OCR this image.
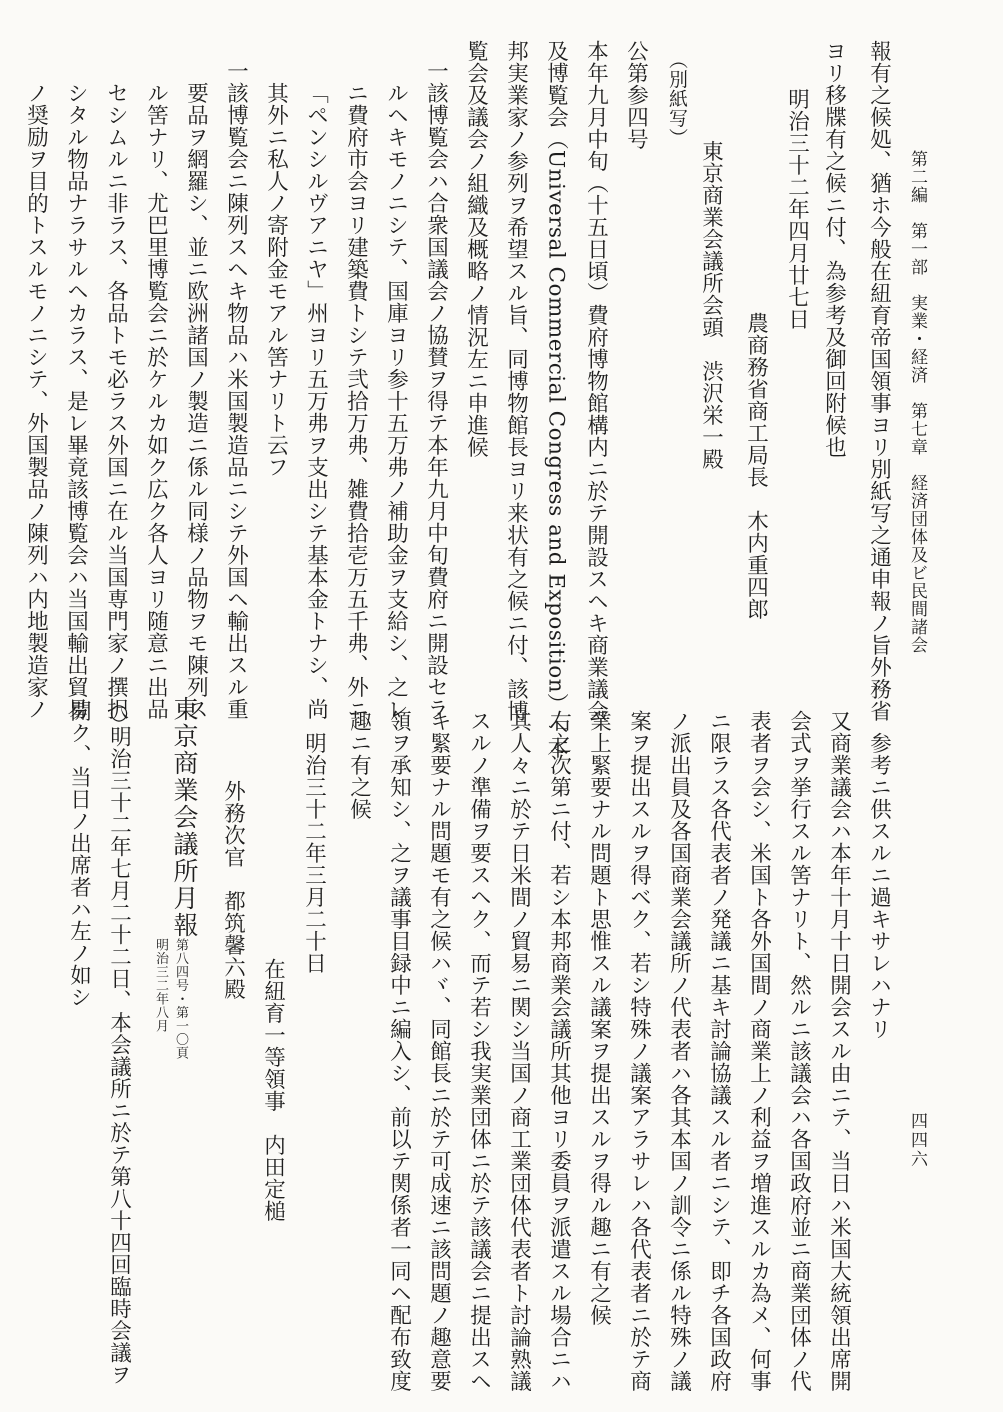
第二編　第一部　実業・経済　第七章　経済団体及ビ民間諸会
四四六
報有之候処、猶ホ今般在紐育帝国領事ヨリ別紙写之通申報ノ旨外務省
ヨリ移牒有之候ニ付、為参考及御回附候也
明治三十二年四月廿七日
農商務省商工局長　木内重四郎
東京商業会議所会頭　渋沢栄一殿
（別紙写）
公第参四号
本年九月中旬（十五日頃）費府博物館構内ニ於テ開設スヘキ商業議会
及博覧会（Universal Commercial Congress and Exposition）ヘ本
邦実業家ノ参列ヲ希望スル旨、同博物館長ヨリ来状有之候ニ付、該博
覧会及議会ノ組織及概略ノ情況左ニ申進候
一該博覧会ハ合衆国議会ノ協賛ヲ得テ本年九月中旬費府ニ開設セラ
ルヘキモノニシテ、国庫ヨリ参十五万弗ノ補助金ヲ支給シ、之レ
ニ費府市会ヨリ建築費トシテ弐拾万弗、雑費拾壱万五千弗、外ニ
「ペンシルヴアニヤ」州ヨリ五万弗ヲ支出シテ基本金トナシ、尚
其外ニ私人ノ寄附金モアル筈ナリト云フ
一該博覧会ニ陳列スヘキ物品ハ米国製造品ニシテ外国ヘ輸出スル重
要品ヲ網羅シ、並ニ欧洲諸国ノ製造ニ係ル同様ノ品物ヲモ陳列ス
ル筈ナリ、尤巴里博覧会ニ於ケルカ如ク広ク各人ヨリ随意ニ出品
セシムルニ非ラス、各品トモ必ラス外国ニ在ル当国専門家ノ撰択
シタル物品ナラサルヘカラス、是レ畢竟該博覧会ハ当国輸出貿易
ノ奨励ヲ目的トスルモノニシテ、外国製品ノ陳列ハ内地製造家ノ
参考ニ供スルニ過キサレハナリ
又商業議会ハ本年十月十日開会スル由ニテ、当日ハ米国大統領出席開
会式ヲ挙行スル筈ナリト、然ルニ該議会ハ各国政府並ニ商業団体ノ代
表者ヲ会シ、米国ト各外国間ノ商業上ノ利益ヲ増進スルカ為メ、何事
ニ限ラス各代表者ノ発議ニ基キ討論協議スル者ニシテ、即チ各国政府
ノ派出員及各国商業会議所ノ代表者ハ各其本国ノ訓令ニ係ル特殊ノ議
案ヲ提出スルヲ得ベク、若シ特殊ノ議案アラサレハ各代表者ニ於テ商
業上緊要ナル問題ト思惟スル議案ヲ提出スルヲ得ル趣ニ有之候
右之次第ニ付、若シ本邦商業会議所其他ヨリ委員ヲ派遣スル場合ニハ
其人々ニ於テ日米間ノ貿易ニ関シ当国ノ商工業団体代表者ト討論熟議
スルノ準備ヲ要スヘク、而テ若シ我実業団体ニ於テ該議会ニ提出スヘ
キ緊要ナル問題モ有之候ハヾ、同館長ニ於テ可成速ニ該問題ノ趣意要
領ヲ承知シ、之ヲ議事目録中ニ編入シ、前以テ関係者一同ヘ配布致度
趣ニ有之候
明治三十二年三月二十日
在紐育一等領事　内田定槌
外務次官　都筑馨六殿
東京商業会議所月報
第八四号・第一〇頁
明治三二年八月
○明治三十二年七月二十二日、本会議所ニ於テ第八十四回臨時会議ヲ
開ク、当日ノ出席者ハ左ノ如シ
